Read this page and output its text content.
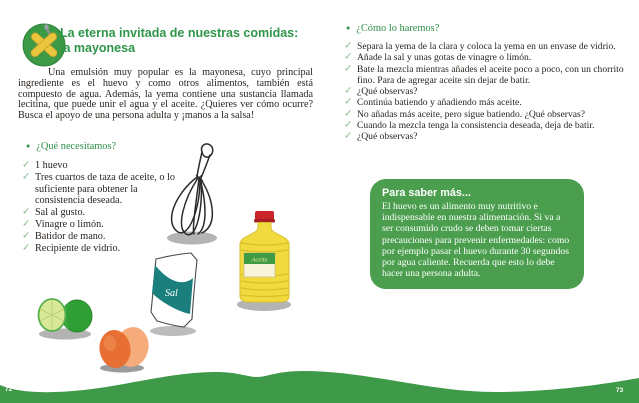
La eterna invitada de nuestras comidas:
la mayonesa

Una emulsión muy popular es la mayonesa, cuyo principal ingrediente es el huevo y como otros alimentos, también está compuesto de agua. Además, la yema contiene una sustancia llamada lecitina, que puede unir el agua y el aceite. ¿Quieres ver cómo ocurre? Busca el apoyo de una persona adulta y ¡manos a la salsa!

● ¿Qué necesitamos?
✓ 1 huevo
✓ Tres cuartos de taza de aceite, o lo suficiente para obtener la consistencia deseada.
✓ Sal al gusto.
✓ Vinagre o limón.
✓ Batidor de mano.
✓ Recipiente de vidrio.
Aceite
Sal
● ¿Cómo lo haremos?
✓ Separa la yema de la clara y coloca la yema en un envase de vidrio.
✓ Añade la sal y unas gotas de vinagre o limón.
✓ Bate la mezcla mientras añades el aceite poco a poco, con un chorrito fino. Para de agregar aceite sin dejar de batir.
✓ ¿Qué observas?
✓ Continúa batiendo y añadiendo más aceite.
✓ No añadas más aceite, pero sigue batiendo. ¿Qué observas?
✓ Cuando la mezcla tenga la consistencia deseada, deja de batir.
✓ ¿Qué observas?
Para saber más...

El huevo es un alimento muy nutritivo e indispensable en nuestra alimentación. Si va a ser consumido crudo se deben tomar ciertas precauciones para prevenir enfermedades: como por ejemplo pasar el huevo durante 30 segundos por agua caliente. Recuerda que esto lo debe hacer una persona adulta.

72	73
